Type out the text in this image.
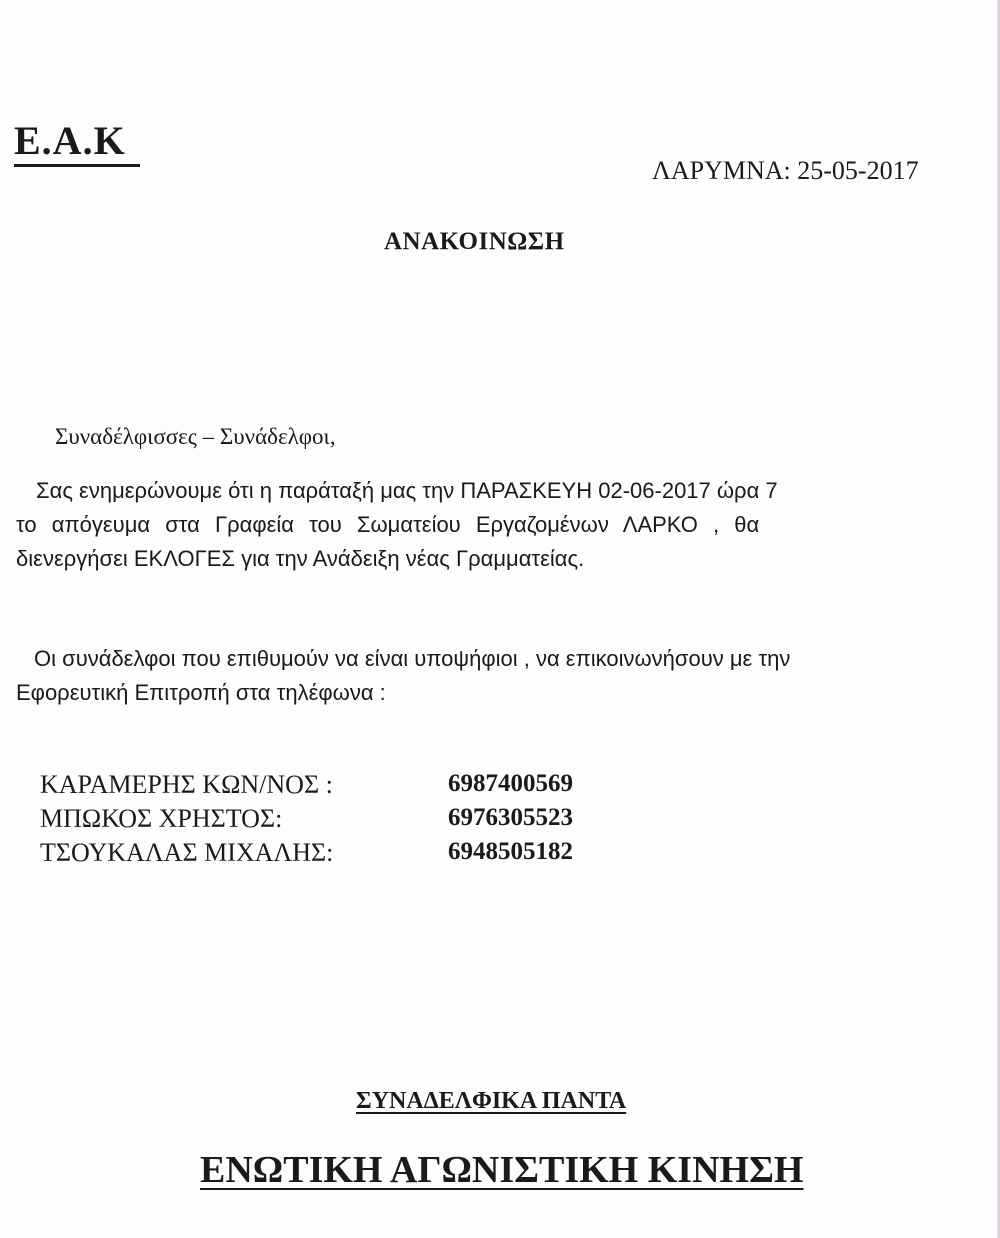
Ε.Α.Κ
ΛΑΡΥΜΝΑ: 25-05-2017
ΑΝΑΚΟΙΝΩΣΗ
Συναδέλφισσες – Συνάδελφοι,
Σας ενημερώνουμε ότι η παράταξή μας την ΠΑΡΑΣΚΕΥΗ 02-06-2017 ώρα 7
το απόγευμα στα Γραφεία του Σωματείου Εργαζομένων ΛΑΡΚΟ , θα
διενεργήσει ΕΚΛΟΓΕΣ για την Ανάδειξη νέας Γραμματείας.
Οι συνάδελφοι που επιθυμούν να είναι υποψήφιοι , να επικοινωνήσουν με την
Εφορευτική Επιτροπή στα τηλέφωνα :
ΚΑΡΑΜΕΡΗΣ ΚΩΝ/ΝΟΣ :	6987400569
ΜΠΩΚΟΣ ΧΡΗΣΤΟΣ:	6976305523
ΤΣΟΥΚΑΛΑΣ ΜΙΧΑΛΗΣ:	6948505182
ΣΥΝΑΔΕΛΦΙΚΑ ΠΑΝΤΑ
ΕΝΩΤΙΚΗ ΑΓΩΝΙΣΤΙΚΗ ΚΙΝΗΣΗ
